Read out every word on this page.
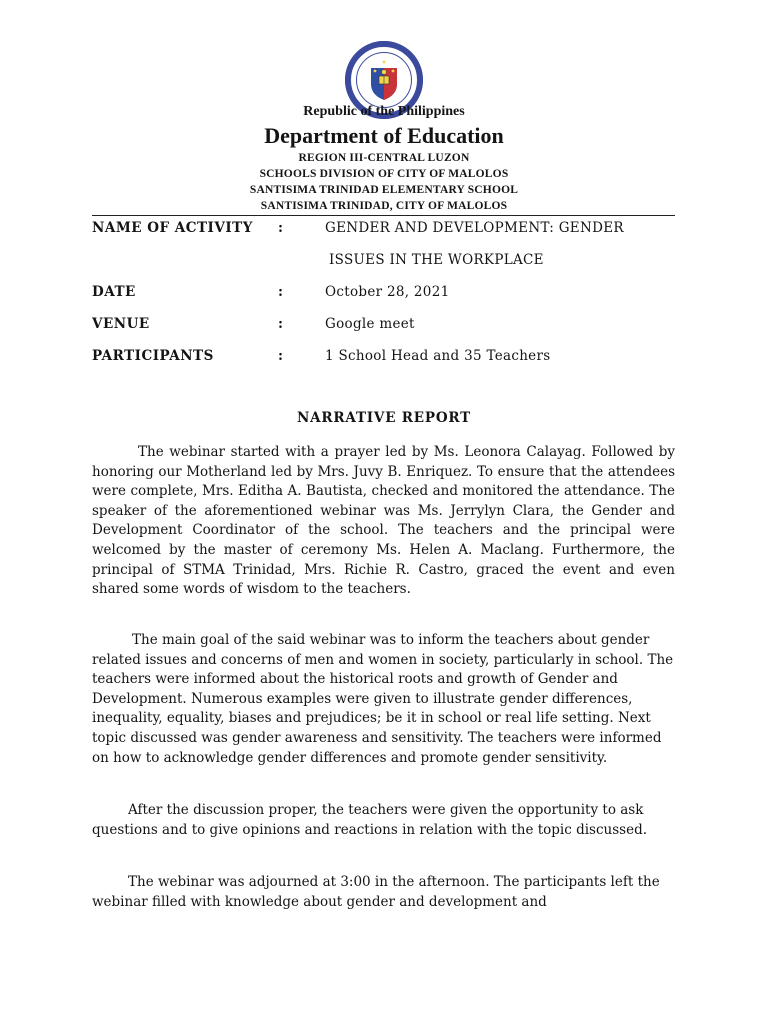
Republic of the Philippines
Department of Education
REGION III-CENTRAL LUZON
SCHOOLS DIVISION OF CITY OF MALOLOS
SANTISIMA TRINIDAD ELEMENTARY SCHOOL
SANTISIMA TRINIDAD, CITY OF MALOLOS
NAME OF ACTIVITY :	GENDER AND DEVELOPMENT: GENDER
ISSUES IN THE WORKPLACE
DATE	:	October 28, 2021
VENUE	:	Google meet
PARTICIPANTS	:	1 School Head and 35 Teachers
NARRATIVE REPORT

The webinar started with a prayer led by Ms. Leonora Calayag. Followed by honoring our Motherland led by Mrs. Juvy B. Enriquez. To ensure that the attendees were complete, Mrs. Editha A. Bautista, checked and monitored the attendance. The speaker of the aforementioned webinar was Ms. Jerrylyn Clara, the Gender and Development Coordinator of the school. The teachers and the principal were welcomed by the master of ceremony Ms. Helen A. Maclang. Furthermore, the principal of STMA Trinidad, Mrs. Richie R. Castro, graced the event and even shared some words of wisdom to the teachers.

The main goal of the said webinar was to inform the teachers about gender related issues and concerns of men and women in society, particularly in school. The teachers were informed about the historical roots and growth of Gender and Development. Numerous examples were given to illustrate gender differences, inequality, equality, biases and prejudices; be it in school or real life setting. Next topic discussed was gender awareness and sensitivity. The teachers were informed on how to acknowledge gender differences and promote gender sensitivity.

After the discussion proper, the teachers were given the opportunity to ask questions and to give opinions and reactions in relation with the topic discussed.

The webinar was adjourned at 3:00 in the afternoon. The participants left the webinar filled with knowledge about gender and development and
